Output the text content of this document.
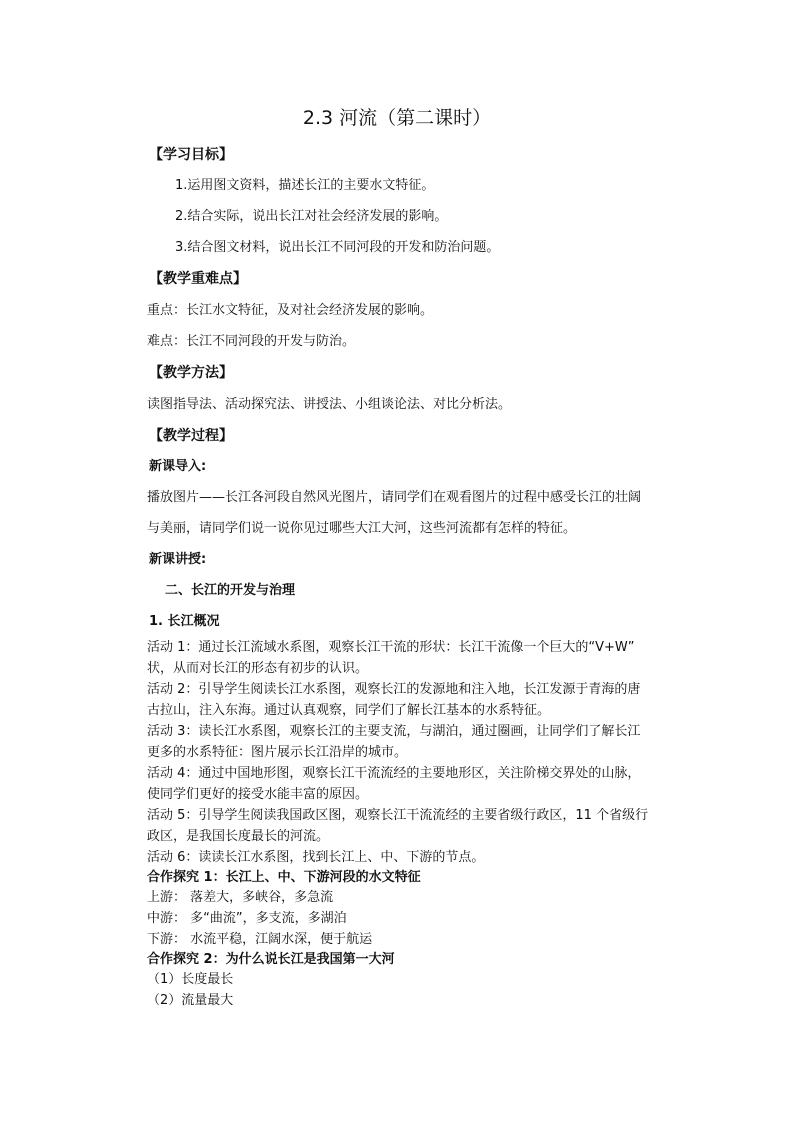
2.3 河流（第二课时）
【学习目标】
1.运用图文资料，描述长江的主要水文特征。
2.结合实际，说出长江对社会经济发展的影响。
3.结合图文材料，说出长江不同河段的开发和防治问题。
【教学重难点】
重点：长江水文特征，及对社会经济发展的影响。
难点：长江不同河段的开发与防治。
【教学方法】
读图指导法、活动探究法、讲授法、小组谈论法、对比分析法。
【教学过程】
新课导入:
播放图片——长江各河段自然风光图片，请同学们在观看图片的过程中感受长江的壮阔
与美丽，请同学们说一说你见过哪些大江大河，这些河流都有怎样的特征。
新课讲授:
二、长江的开发与治理
1. 长江概况
活动 1：通过长江流域水系图，观察长江干流的形状：长江干流像一个巨大的“V+W”
状，从而对长江的形态有初步的认识。
活动 2：引导学生阅读长江水系图，观察长江的发源地和注入地，长江发源于青海的唐
古拉山，注入东海。通过认真观察，同学们了解长江基本的水系特征。
活动 3：读长江水系图，观察长江的主要支流，与湖泊，通过圈画，让同学们了解长江
更多的水系特征：图片展示长江沿岸的城市。
活动 4：通过中国地形图，观察长江干流流经的主要地形区，关注阶梯交界处的山脉，
使同学们更好的接受水能丰富的原因。
活动 5：引导学生阅读我国政区图，观察长江干流流经的主要省级行政区，11 个省级行
政区，是我国长度最长的河流。
活动 6：读读长江水系图，找到长江上、中、下游的节点。
合作探究 1：长江上、中、下游河段的水文特征
上游： 落差大，多峡谷，多急流
中游： 多“曲流”，多支流，多湖泊
下游： 水流平稳，江阔水深，便于航运
合作探究 2：为什么说长江是我国第一大河
（1）长度最长
（2）流量最大
